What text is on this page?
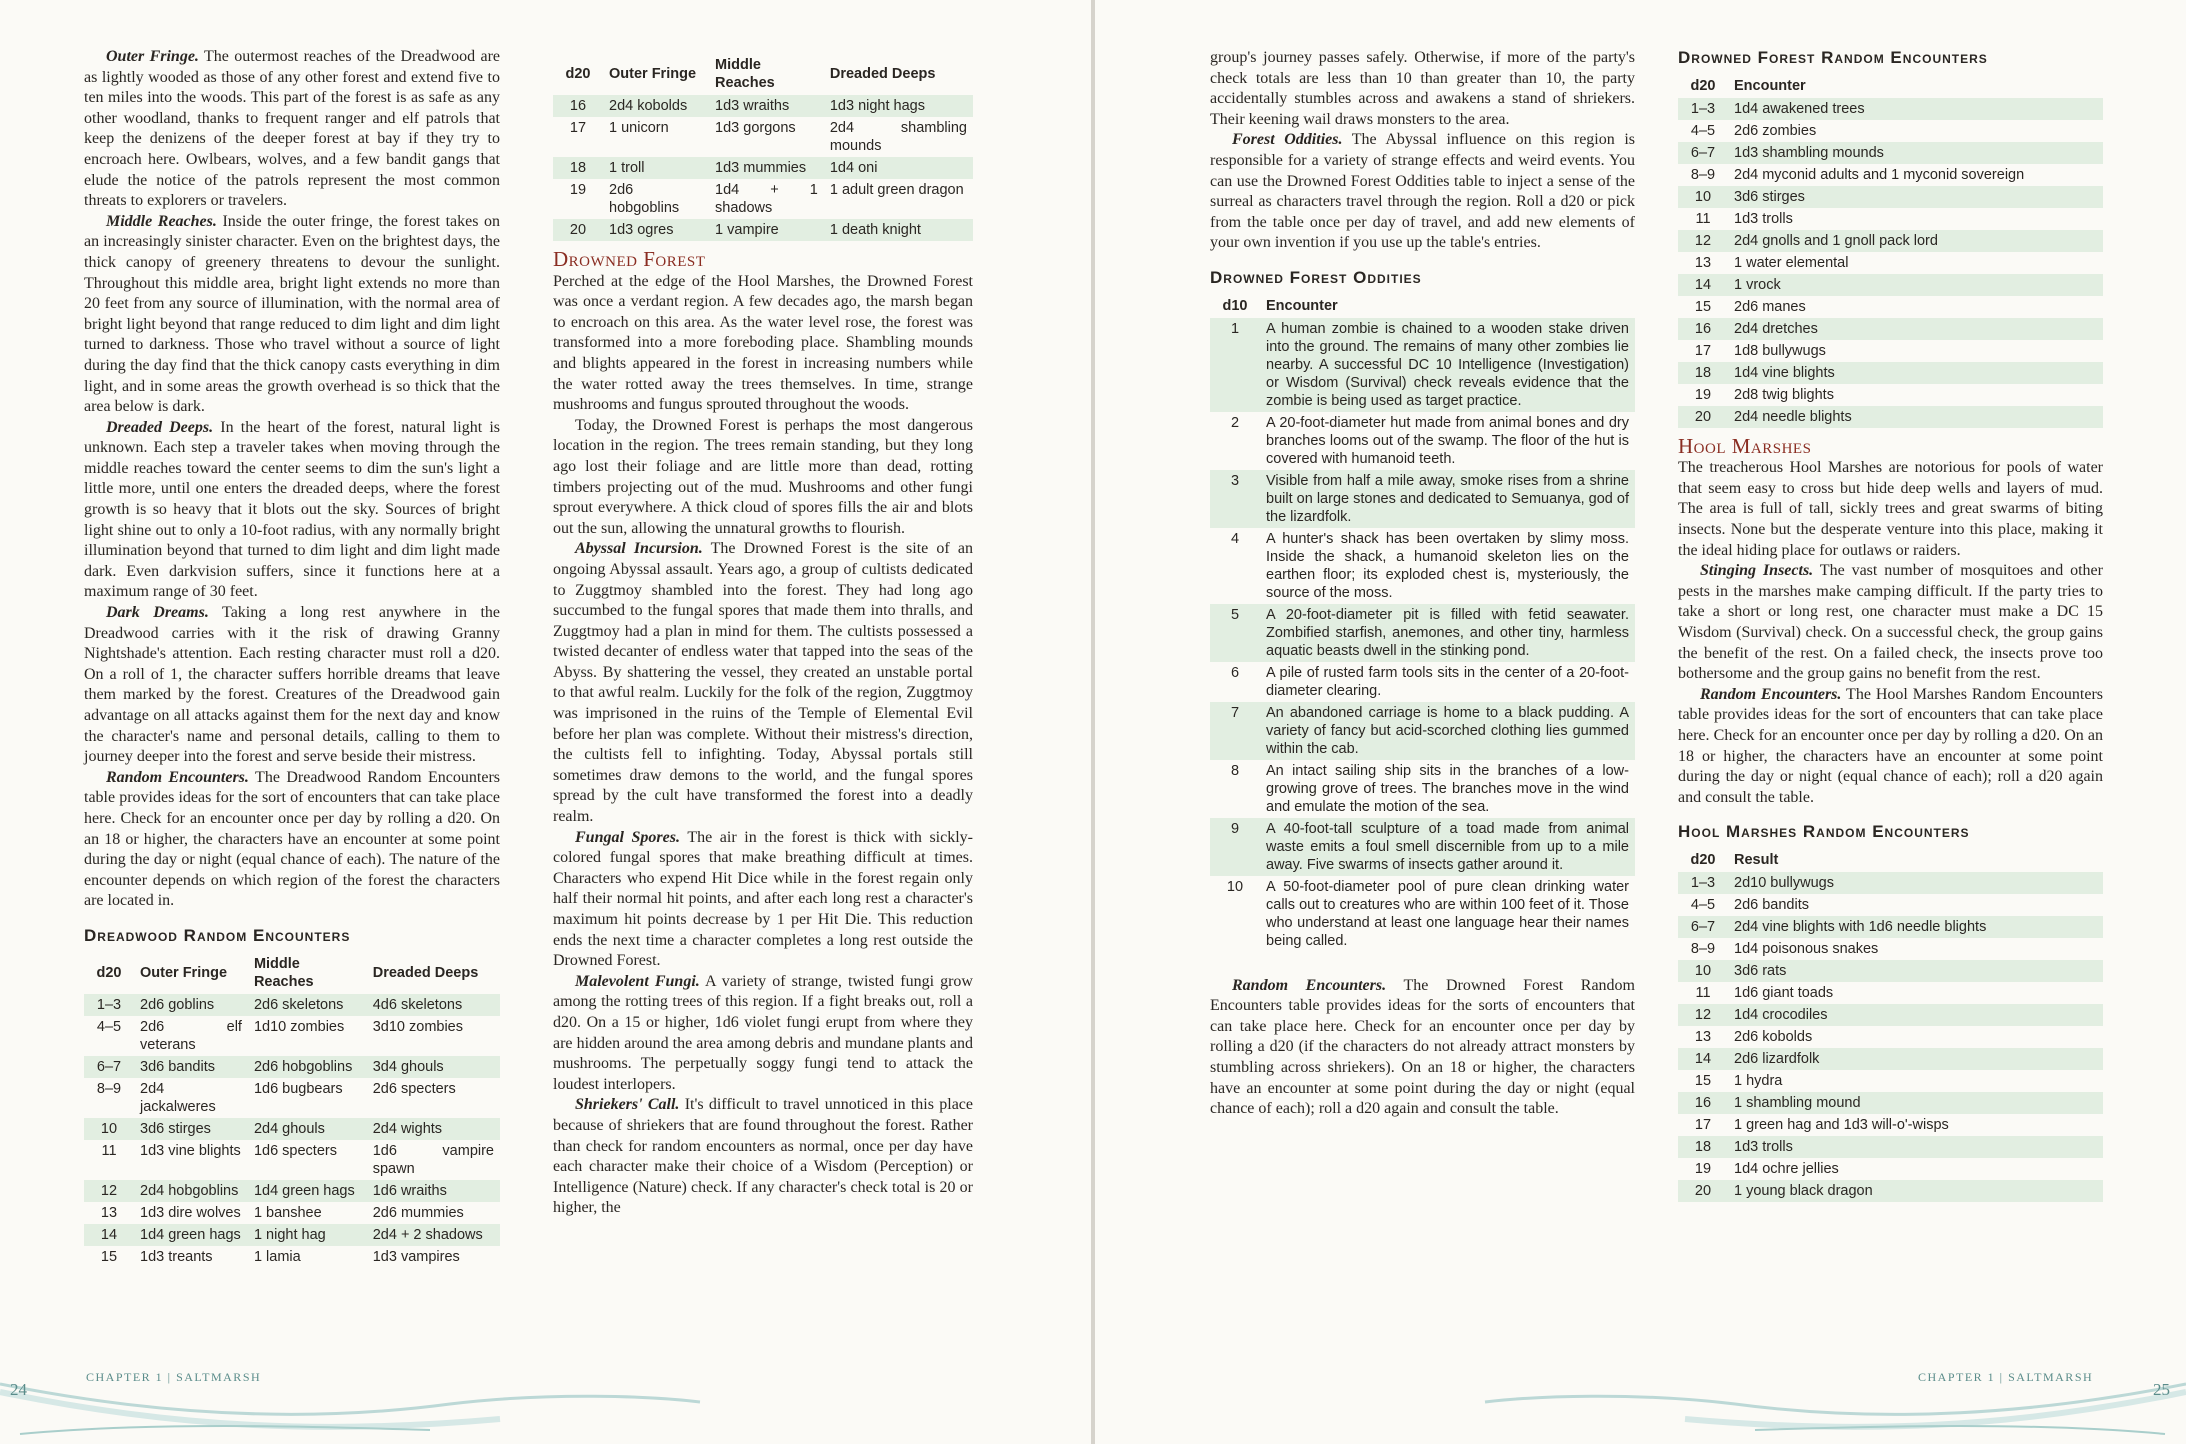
Outer Fringe. The outermost reaches of the Dreadwood are as lightly wooded as those of any other forest and extend five to ten miles into the woods. This part of the forest is as safe as any other woodland, thanks to frequent ranger and elf patrols that keep the denizens of the deeper forest at bay if they try to encroach here. Owlbears, wolves, and a few bandit gangs that elude the notice of the patrols represent the most common threats to explorers or travelers.

Middle Reaches. Inside the outer fringe, the forest takes on an increasingly sinister character. Even on the brightest days, the thick canopy of greenery threatens to devour the sunlight. Throughout this middle area, bright light extends no more than 20 feet from any source of illumination, with the normal area of bright light beyond that range reduced to dim light and dim light turned to darkness. Those who travel without a source of light during the day find that the thick canopy casts everything in dim light, and in some areas the growth overhead is so thick that the area below is dark.

Dreaded Deeps. In the heart of the forest, natural light is unknown. Each step a traveler takes when moving through the middle reaches toward the center seems to dim the sun's light a little more, until one enters the dreaded deeps, where the forest growth is so heavy that it blots out the sky. Sources of bright light shine out to only a 10-foot radius, with any normally bright illumination beyond that turned to dim light and dim light made dark. Even darkvision suffers, since it functions here at a maximum range of 30 feet.

Dark Dreams. Taking a long rest anywhere in the Dreadwood carries with it the risk of drawing Granny Nightshade's attention. Each resting character must roll a d20. On a roll of 1, the character suffers horrible dreams that leave them marked by the forest. Creatures of the Dreadwood gain advantage on all attacks against them for the next day and know the character's name and personal details, calling to them to journey deeper into the forest and serve beside their mistress.

Random Encounters. The Dreadwood Random Encounters table provides ideas for the sort of encounters that can take place here. Check for an encounter once per day by rolling a d20. On an 18 or higher, the characters have an encounter at some point during the day or night (equal chance of each). The nature of the encounter depends on which region of the forest the characters are located in.

Dreadwood Random Encounters
d20	Outer Fringe	Middle Reaches	Dreaded Deeps
1–3	2d6 goblins	2d6 skeletons	4d6 skeletons
4–5	2d6 elf veterans	1d10 zombies	3d10 zombies
6–7	3d6 bandits	2d6 hobgoblins	3d4 ghouls
8–9	2d4 jackalweres	1d6 bugbears	2d6 specters
10	3d6 stirges	2d4 ghouls	2d4 wights
11	1d3 vine blights	1d6 specters	1d6 vampire spawn
12	2d4 hobgoblins	1d4 green hags	1d6 wraiths
13	1d3 dire wolves	1 banshee	2d6 mummies
14	1d4 green hags	1 night hag	2d4 + 2 shadows
15	1d3 treants	1 lamia	1d3 vampires
d20	Outer Fringe	Middle Reaches	Dreaded Deeps
16	2d4 kobolds	1d3 wraiths	1d3 night hags
17	1 unicorn	1d3 gorgons	2d4 shambling mounds
18	1 troll	1d3 mummies	1d4 oni
19	2d6 hobgoblins	1d4 + 1 shadows	1 adult green dragon
20	1d3 ogres	1 vampire	1 death knight
Drowned Forest

Perched at the edge of the Hool Marshes, the Drowned Forest was once a verdant region. A few decades ago, the marsh began to encroach on this area. As the water level rose, the forest was transformed into a more foreboding place. Shambling mounds and blights appeared in the forest in increasing numbers while the water rotted away the trees themselves. In time, strange mushrooms and fungus sprouted throughout the woods.

Today, the Drowned Forest is perhaps the most dangerous location in the region. The trees remain standing, but they long ago lost their foliage and are little more than dead, rotting timbers projecting out of the mud. Mushrooms and other fungi sprout everywhere. A thick cloud of spores fills the air and blots out the sun, allowing the unnatural growths to flourish.

Abyssal Incursion. The Drowned Forest is the site of an ongoing Abyssal assault. Years ago, a group of cultists dedicated to Zuggtmoy shambled into the forest. They had long ago succumbed to the fungal spores that made them into thralls, and Zuggtmoy had a plan in mind for them. The cultists possessed a twisted decanter of endless water that tapped into the seas of the Abyss. By shattering the vessel, they created an unstable portal to that awful realm. Luckily for the folk of the region, Zuggtmoy was imprisoned in the ruins of the Temple of Elemental Evil before her plan was complete. Without their mistress's direction, the cultists fell to infighting. Today, Abyssal portals still sometimes draw demons to the world, and the fungal spores spread by the cult have transformed the forest into a deadly realm.

Fungal Spores. The air in the forest is thick with sickly-colored fungal spores that make breathing difficult at times. Characters who expend Hit Dice while in the forest regain only half their normal hit points, and after each long rest a character's maximum hit points decrease by 1 per Hit Die. This reduction ends the next time a character completes a long rest outside the Drowned Forest.

Malevolent Fungi. A variety of strange, twisted fungi grow among the rotting trees of this region. If a fight breaks out, roll a d20. On a 15 or higher, 1d6 violet fungi erupt from where they are hidden around the area among debris and mundane plants and mushrooms. The perpetually soggy fungi tend to attack the loudest interlopers.

Shriekers' Call. It's difficult to travel unnoticed in this place because of shriekers that are found throughout the forest. Rather than check for random encounters as normal, once per day have each character make their choice of a Wisdom (Perception) or Intelligence (Nature) check. If any character's check total is 20 or higher, the

CHAPTER 1 | SALTMARSH
24

group's journey passes safely. Otherwise, if more of the party's check totals are less than 10 than greater than 10, the party accidentally stumbles across and awakens a stand of shriekers. Their keening wail draws monsters to the area.

Forest Oddities. The Abyssal influence on this region is responsible for a variety of strange effects and weird events. You can use the Drowned Forest Oddities table to inject a sense of the surreal as characters travel through the region. Roll a d20 or pick from the table once per day of travel, and add new elements of your own invention if you use up the table's entries.

Drowned Forest Oddities
d10	Encounter
1	A human zombie is chained to a wooden stake driven into the ground. The remains of many other zombies lie nearby. A successful DC 10 Intelligence (Investigation) or Wisdom (Survival) check reveals evidence that the zombie is being used as target practice.
2	A 20-foot-diameter hut made from animal bones and dry branches looms out of the swamp. The floor of the hut is covered with humanoid teeth.
3	Visible from half a mile away, smoke rises from a shrine built on large stones and dedicated to Semuanya, god of the lizardfolk.
4	A hunter's shack has been overtaken by slimy moss. Inside the shack, a humanoid skeleton lies on the earthen floor; its exploded chest is, mysteriously, the source of the moss.
5	A 20-foot-diameter pit is filled with fetid seawater. Zombified starfish, anemones, and other tiny, harmless aquatic beasts dwell in the stinking pond.
6	A pile of rusted farm tools sits in the center of a 20-foot-diameter clearing.
7	An abandoned carriage is home to a black pudding. A variety of fancy but acid-scorched clothing lies gummed within the cab.
8	An intact sailing ship sits in the branches of a low-growing grove of trees. The branches move in the wind and emulate the motion of the sea.
9	A 40-foot-tall sculpture of a toad made from animal waste emits a foul smell discernible from up to a mile away. Five swarms of insects gather around it.
10	A 50-foot-diameter pool of pure clean drinking water calls out to creatures who are within 100 feet of it. Those who understand at least one language hear their names being called.

Random Encounters. The Drowned Forest Random Encounters table provides ideas for the sorts of encounters that can take place here. Check for an encounter once per day by rolling a d20 (if the characters do not already attract monsters by stumbling across shriekers). On an 18 or higher, the characters have an encounter at some point during the day or night (equal chance of each); roll a d20 again and consult the table.

Drowned Forest Random Encounters
d20	Encounter
1–3	1d4 awakened trees
4–5	2d6 zombies
6–7	1d3 shambling mounds
8–9	2d4 myconid adults and 1 myconid sovereign
10	3d6 stirges
11	1d3 trolls
12	2d4 gnolls and 1 gnoll pack lord
13	1 water elemental
14	1 vrock
15	2d6 manes
16	2d4 dretches
17	1d8 bullywugs
18	1d4 vine blights
19	2d8 twig blights
20	2d4 needle blights
Hool Marshes

The treacherous Hool Marshes are notorious for pools of water that seem easy to cross but hide deep wells and layers of mud. The area is full of tall, sickly trees and great swarms of biting insects. None but the desperate venture into this place, making it the ideal hiding place for outlaws or raiders.

Stinging Insects. The vast number of mosquitoes and other pests in the marshes make camping difficult. If the party tries to take a short or long rest, one character must make a DC 15 Wisdom (Survival) check. On a successful check, the group gains the benefit of the rest. On a failed check, the insects prove too bothersome and the group gains no benefit from the rest.

Random Encounters. The Hool Marshes Random Encounters table provides ideas for the sort of encounters that can take place here. Check for an encounter once per day by rolling a d20. On an 18 or higher, the characters have an encounter at some point during the day or night (equal chance of each); roll a d20 again and consult the table.

Hool Marshes Random Encounters
d20	Result
1–3	2d10 bullywugs
4–5	2d6 bandits
6–7	2d4 vine blights with 1d6 needle blights
8–9	1d4 poisonous snakes
10	3d6 rats
11	1d6 giant toads
12	1d4 crocodiles
13	2d6 kobolds
14	2d6 lizardfolk
15	1 hydra
16	1 shambling mound
17	1 green hag and 1d3 will-o'-wisps
18	1d3 trolls
19	1d4 ochre jellies
20	1 young black dragon
CHAPTER 1 | SALTMARSH
25
